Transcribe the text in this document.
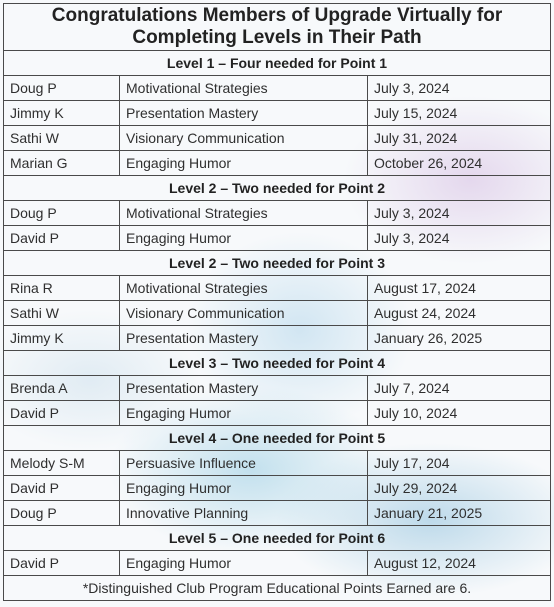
Congratulations Members of Upgrade Virtually for Completing Levels in Their Path		
Level 1 – Four needed for Point 1		
Doug P	Motivational Strategies	July 3, 2024
Jimmy K	Presentation Mastery	July 15, 2024
Sathi W	Visionary Communication	July 31, 2024
Marian G	Engaging Humor	October 26, 2024
Level 2 – Two needed for Point 2		
Doug P	Motivational Strategies	July 3, 2024
David P	Engaging Humor	July 3, 2024
Level 2 – Two needed for Point 3		
Rina R	Motivational Strategies	August 17, 2024
Sathi W	Visionary Communication	August 24, 2024
Jimmy K	Presentation Mastery	January 26, 2025
Level 3 – Two needed for Point 4		
Brenda A	Presentation Mastery	July 7, 2024
David P	Engaging Humor	July 10, 2024
Level 4 – One needed for Point 5		
Melody S-M	Persuasive Influence	July 17, 204
David P	Engaging Humor	July 29, 2024
Doug P	Innovative Planning	January 21, 2025
Level 5 – One needed for Point 6		
David P	Engaging Humor	August 12, 2024
*Distinguished Club Program Educational Points Earned are 6.		
